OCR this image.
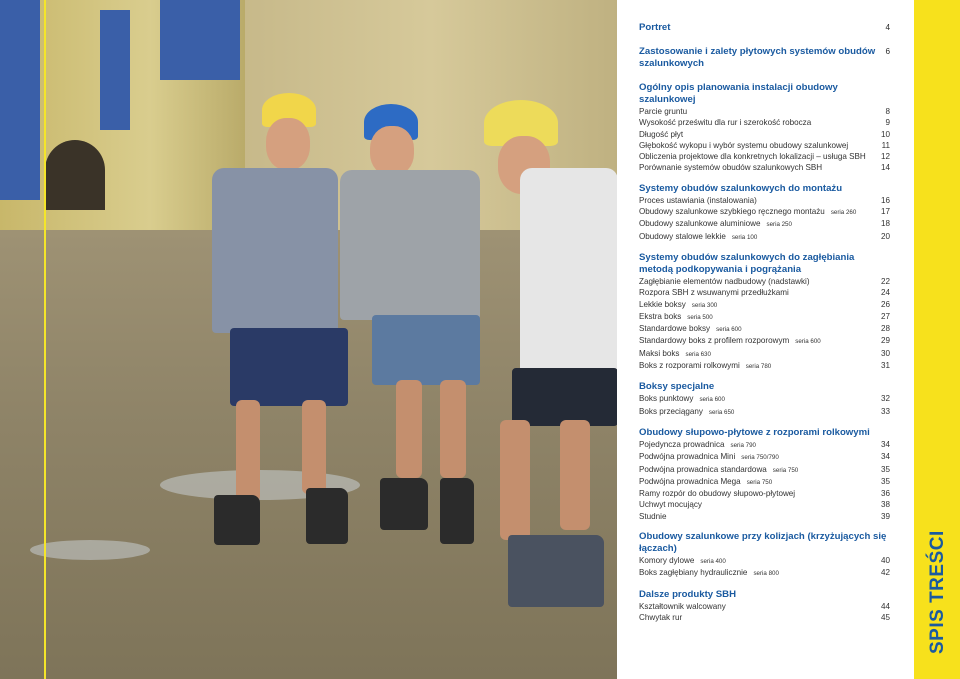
Portret	4
Zastosowanie i zalety płytowych systemów obudów szalunkowych
6
Ogólny opis planowania instalacji obudowy szalunkowej
Parcie gruntu	8
Wysokość prześwitu dla rur i szerokość robocza	9
Długość płyt	10
Głębokość wykopu i wybór systemu obudowy szalunkowej	11
Obliczenia projektowe dla konkretnych lokalizacji – usługa SBH 12
Porównanie systemów obudów szalunkowych SBH	14
Systemy obudów szalunkowych do montażu
Proces ustawiania (instalowania)	16
Obudowy szalunkowe szybkiego ręcznego montażu seria 260	17
Obudowy szalunkowe aluminiowe seria 250	18
Obudowy stalowe lekkie seria 100	20
Systemy obudów szalunkowych do zagłębiania metodą podkopywania i pogrążania
Zagłębianie elementów nadbudowy (nadstawki)	22
Rozpora SBH z wsuwanymi przedłużkami	24
Lekkie boksy seria 300	26
Ekstra boks seria 500	27
Standardowe boksy seria 600	28
Standardowy boks z profilem rozporowym seria 600	29
Maksi boks seria 630	30
Boks z rozporami rolkowymi seria 780	31
Boksy specjalne
Boks punktowy seria 600	32
Boks przeciągany seria 650	33
Obudowy słupowo-płytowe z rozporami rolkowymi
Pojedyncza prowadnica seria 790	34
Podwójna prowadnica Mini seria 750/790	34
Podwójna prowadnica standardowa seria 750	35
Podwójna prowadnica Mega seria 750	35
Ramy rozpór do obudowy słupowo-płytowej	36
Uchwyt mocujący	38
Studnie	39
Obudowy szalunkowe przy kolizjach (krzyżujących się łączach)
Komory dylowe seria 400	40
Boks zagłębiany hydraulicznie seria 800	42
Dalsze produkty SBH
Kształtownik walcowany	44
Chwytak rur	45 SPIS TREŚCI
